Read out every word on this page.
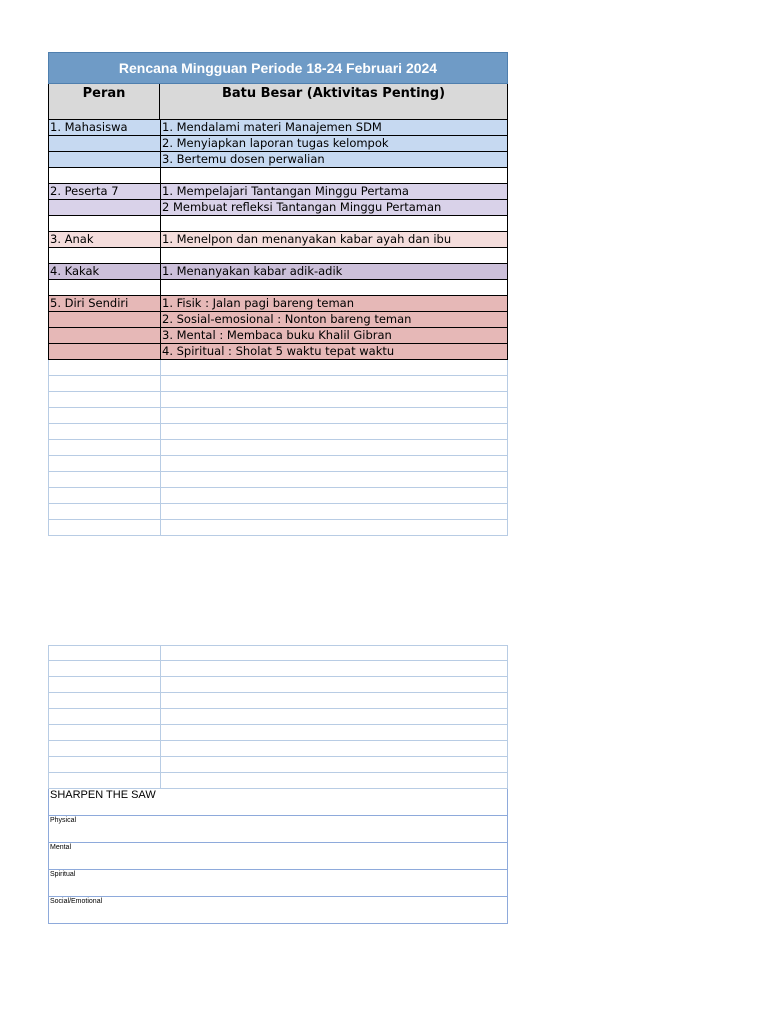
Rencana Mingguan Periode 18-24 Februari 2024
Peran	Batu Besar (Aktivitas Penting)
1. Mahasiswa	1. Mendalami materi Manajemen SDM
2. Menyiapkan laporan tugas kelompok
3. Bertemu dosen perwalian
2. Peserta 7	1. Mempelajari Tantangan Minggu Pertama
2 Membuat refleksi Tantangan Minggu Pertaman
3. Anak	1. Menelpon dan menanyakan kabar ayah dan ibu
4. Kakak	1. Menanyakan kabar adik-adik
5. Diri Sendiri	1. Fisik : Jalan pagi bareng teman
2. Sosial-emosional : Nonton bareng teman
3. Mental : Membaca buku Khalil Gibran
4. Spiritual : Sholat 5 waktu tepat waktu
SHARPEN THE SAW
Physical
Mental
Spiritual
Social/Emotional
